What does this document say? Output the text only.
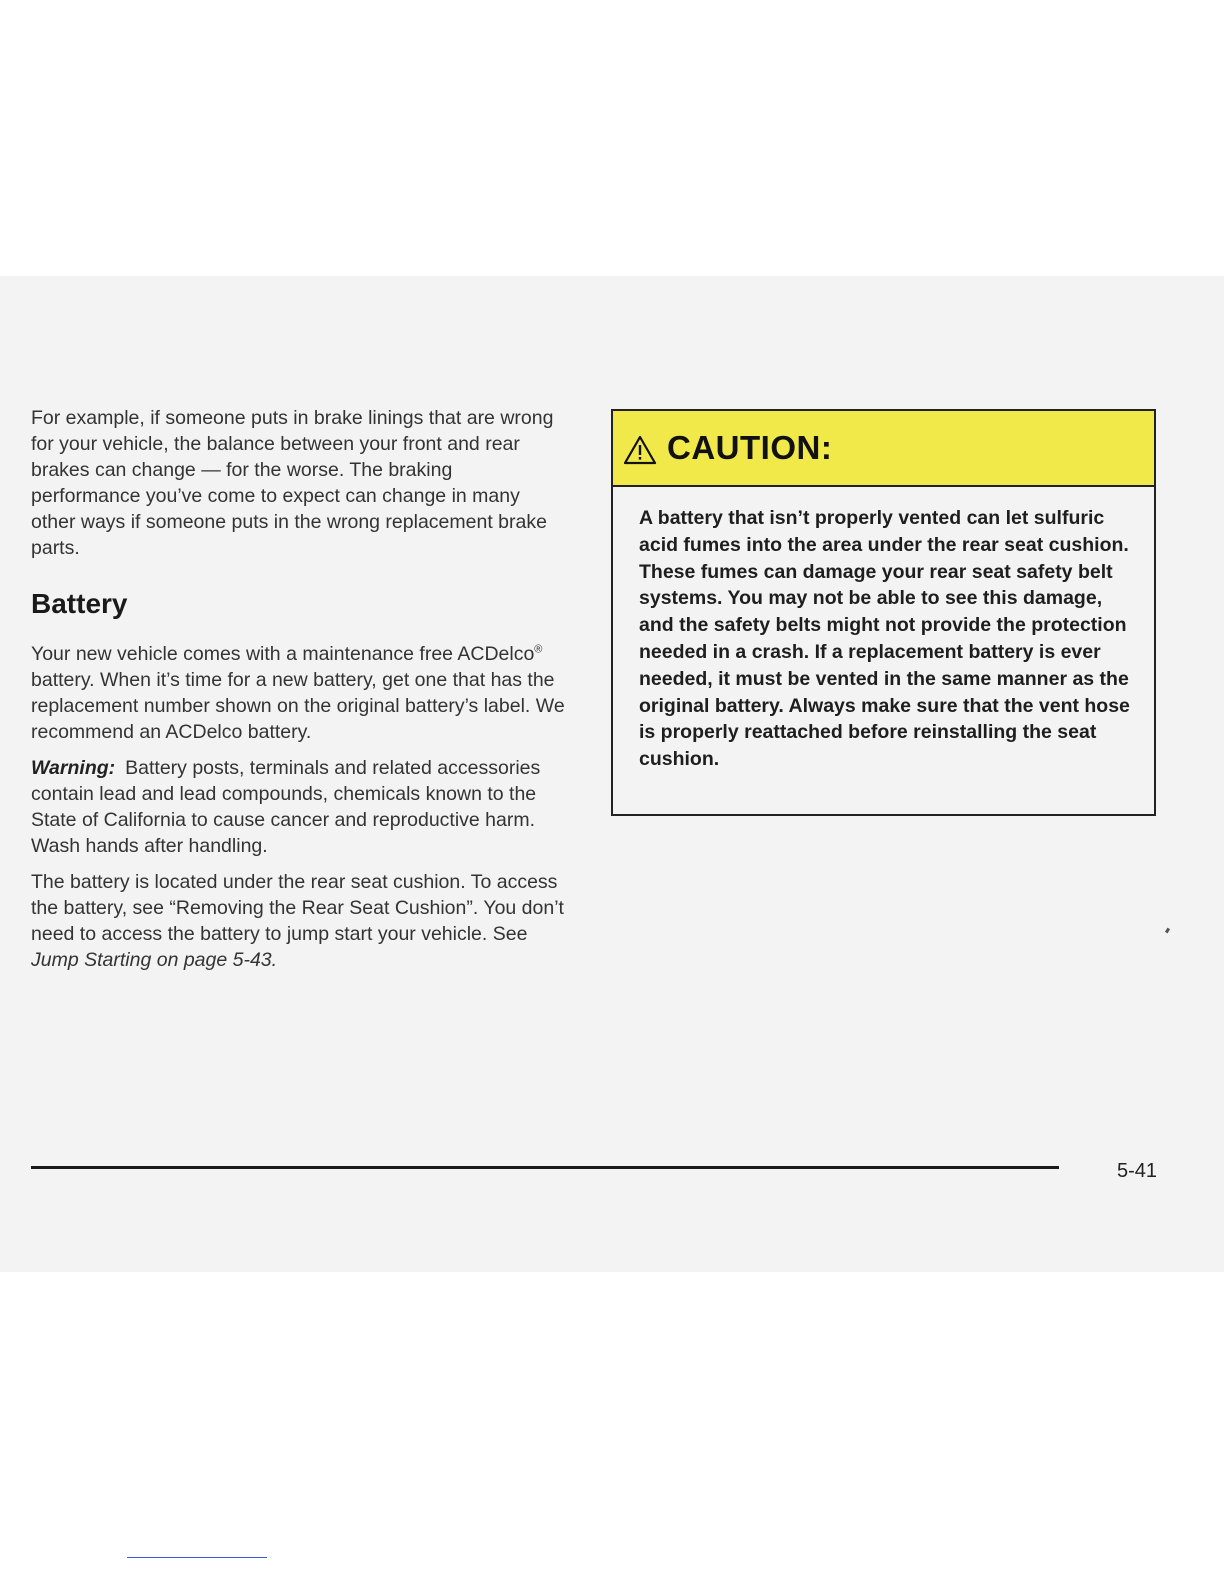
For example, if someone puts in brake linings that are wrong for your vehicle, the balance between your front and rear brakes can change — for the worse. The braking performance you’ve come to expect can change in many other ways if someone puts in the wrong replacement brake parts.

Battery

Your new vehicle comes with a maintenance free ACDelco® battery. When it’s time for a new battery, get one that has the replacement number shown on the original battery’s label. We recommend an ACDelco battery.

Warning: Battery posts, terminals and related accessories contain lead and lead compounds, chemicals known to the State of California to cause cancer and reproductive harm. Wash hands after handling.

The battery is located under the rear seat cushion. To access the battery, see “Removing the Rear Seat Cushion”. You don’t need to access the battery to jump start your vehicle. See Jump Starting on page 5-43.

CAUTION:
A battery that isn’t properly vented can let sulfuric acid fumes into the area under the rear seat cushion. These fumes can damage your rear seat safety belt systems. You may not be able to see this damage, and the safety belts might not provide the protection needed in a crash. If a replacement battery is ever needed, it must be vented in the same manner as the original battery. Always make sure that the vent hose is properly reattached before reinstalling the seat cushion.
5-41
